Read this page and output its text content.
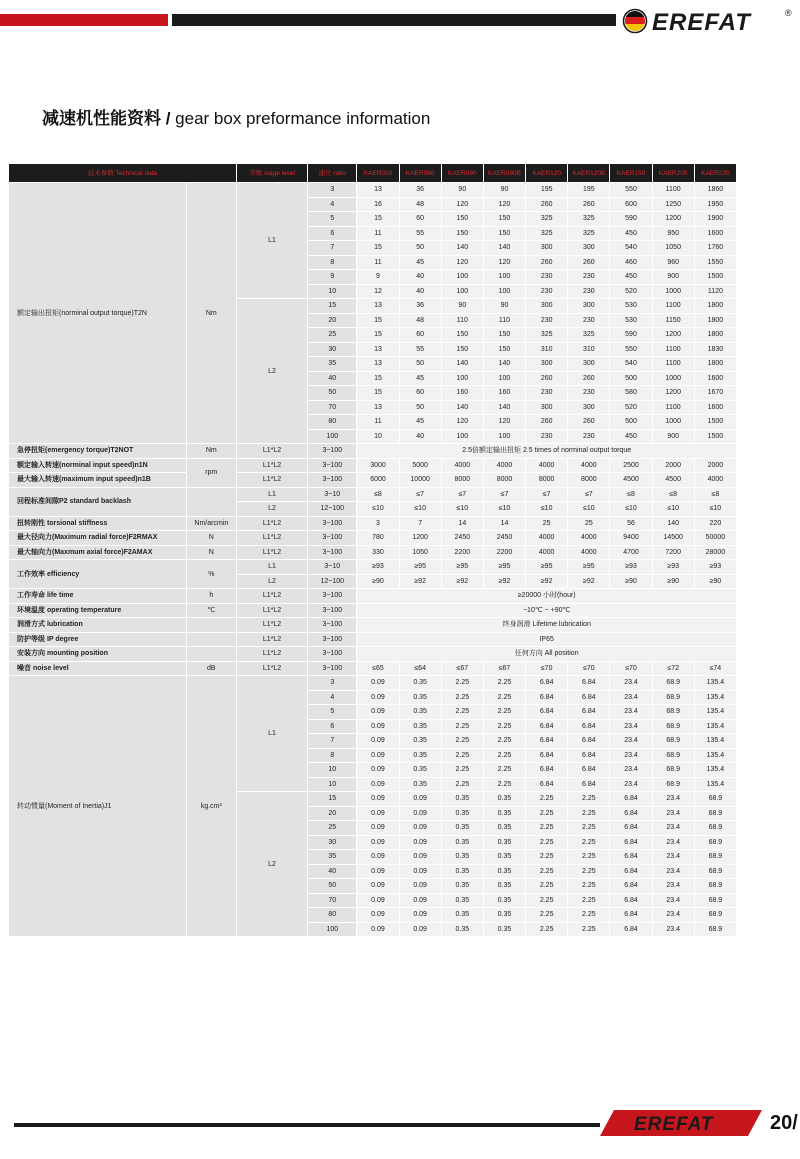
EREFAT	®
减速机性能资料 / gear box preformance information
技术参数 Technical data		节数 stage level	速比 ratio	KAER050	KAER060	KAER090	KAER090B	KAER120	KAER120B	KAER150	KAER205	KAER235
额定输出扭矩(norminal output torque)T2N	Nm	L1	3	13	36	90	90	195	195	550	1100	1860
			4	16	48	120	120	260	260	600	1250	1950
			5	15	60	150	150	325	325	590	1200	1900
			6	11	55	150	150	325	325	450	950	1600
			7	15	50	140	140	300	300	540	1050	1760
			8	11	45	120	120	260	260	460	960	1550
			9	9	40	100	100	230	230	450	900	1500
			10	12	40	100	100	230	230	520	1000	1120
		L2	15	13	36	90	90	300	300	530	1100	1800
			20	15	48	110	110	230	230	530	1150	1800
			25	15	60	150	150	325	325	590	1200	1800
			30	13	55	150	150	310	310	550	1100	1830
			35	13	50	140	140	300	300	540	1100	1800
			40	15	45	100	100	260	260	500	1000	1600
			50	15	60	160	160	230	230	580	1200	1670
			70	13	50	140	140	300	300	520	1100	1600
			80	11	45	120	120	260	260	500	1000	1500
			100	10	40	100	100	230	230	450	900	1500
急停扭矩(emergency torque)T2NOT	Nm	L1*L2	3~100	2.5倍额定输出扭矩 2.5 times of norminal output torque								
额定输入转速(norminal input speed)n1N	rpm	L1*L2	3~100	3000	5000	4000	4000	4000	4000	2500	2000	2000
最大输入转速(maximum input speed)n1B		L1*L2	3~100	6000	10000	8000	8000	8000	8000	4500	4500	4000
回程标准间隙P2 standard backlash		L1	3~10	≤8	≤7	≤7	≤7	≤7	≤7	≤8	≤8	≤8
		L2	12~100	≤10	≤10	≤10	≤10	≤10	≤10	≤10	≤10	≤10
扭转刚性 torsional stiffness	Nm/arcmin	L1*L2	3~100	3	7	14	14	25	25	56	140	220
最大径向力(Maximum radial force)F2RMAX	N	L1*L2	3~100	780	1200	2450	2450	4000	4000	9400	14500	50000
最大轴向力(Maxmum axial force)F2AMAX	N	L1*L2	3~100	330	1050	2200	2200	4000	4000	4700	7200	28000
工作效率 efficiency	%	L1	3~10	≥93	≥95	≥95	≥95	≥95	≥95	≥93	≥93	≥93
		L2	12~100	≥90	≥92	≥92	≥92	≥92	≥92	≥90	≥90	≥90
工作寿命 life time	h	L1*L2	3~100	≥20000 小时(hour)								
环境温度 operating temperature	℃	L1*L2	3~100	−10℃ ~ +90℃								
润滑方式 lubrication		L1*L2	3~100	终身润滑 Lifetime lubrication								
防护等级 IP degree		L1*L2	3~100	IP65								
安装方向 mounting position		L1*L2	3~100	任何方向 All position								
噪音 noise level	dB	L1*L2	3~100	≤65	≤64	≤67	≤67	≤70	≤70	≤70	≤72	≤74
转动惯量(Moment of Inertia)J1	kg.cm²	L1	3	0.09	0.35	2.25	2.25	6.84	6.84	23.4	68.9	135.4
			4	0.09	0.35	2.25	2.25	6.84	6.84	23.4	68.9	135.4
			5	0.09	0.35	2.25	2.25	6.84	6.84	23.4	68.9	135.4
			6	0.09	0.35	2.25	2.25	6.84	6.84	23.4	68.9	135.4
			7	0.09	0.35	2.25	2.25	6.84	6.84	23.4	68.9	135.4
			8	0.09	0.35	2.25	2.25	6.84	6.84	23.4	68.9	135.4
			10	0.09	0.35	2.25	2.25	6.84	6.84	23.4	68.9	135.4
			10	0.09	0.35	2.25	2.25	6.84	6.84	23.4	68.9	135.4
		L2	15	0.09	0.09	0.35	0.35	2.25	2.25	6.84	23.4	68.9
			20	0.09	0.09	0.35	0.35	2.25	2.25	6.84	23.4	68.9
			25	0.09	0.09	0.35	0.35	2.25	2.25	6.84	23.4	68.9
			30	0.09	0.09	0.35	0.35	2.25	2.25	6.84	23.4	68.9
			35	0.09	0.09	0.35	0.35	2.25	2.25	6.84	23.4	68.9
			40	0.09	0.09	0.35	0.35	2.25	2.25	6.84	23.4	68.9
			50	0.09	0.09	0.35	0.35	2.25	2.25	6.84	23.4	68.9
			70	0.09	0.09	0.35	0.35	2.25	2.25	6.84	23.4	68.9
			80	0.09	0.09	0.35	0.35	2.25	2.25	6.84	23.4	68.9
			100	0.09	0.09	0.35	0.35	2.25	2.25	6.84	23.4	68.9
EREFAT	20/
